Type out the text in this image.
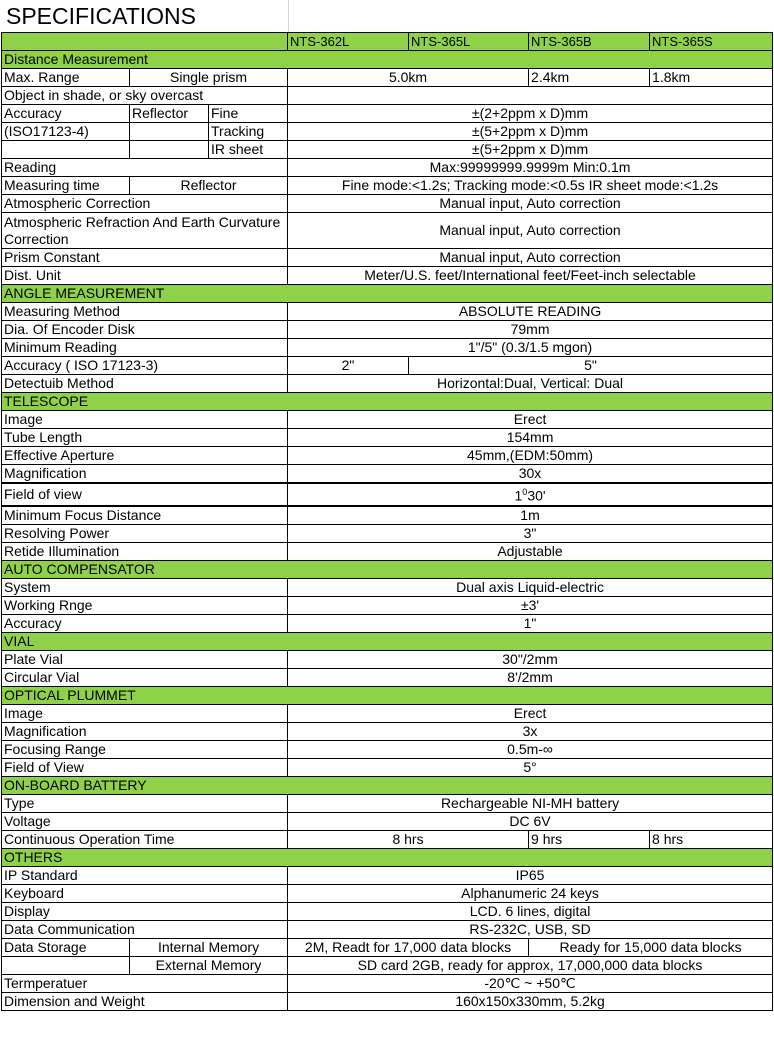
SPECIFICATIONS
			NTS-362L	NTS-365L	NTS-365B	NTS-365S
Distance Measurement						
Max. Range	Single prism		5.0km		2.4km	1.8km
Object in shade, or sky overcast						
Accuracy	Reflector	Fine	±(2+2ppm x D)mm			
(ISO17123-4)		Tracking	±(5+2ppm x D)mm			
		IR sheet	±(5+2ppm x D)mm			
Reading			Max:99999999.9999m Min:0.1m			
Measuring time	Reflector		Fine mode:<1.2s; Tracking mode:<0.5s IR sheet mode:<1.2s			
Atmospheric Correction			Manual input, Auto correction			
Atmospheric Refraction And Earth Curvature Correction			Manual input, Auto correction			
Prism Constant			Manual input, Auto correction			
Dist. Unit			Meter/U.S. feet/International feet/Feet-inch selectable			
ANGLE MEASUREMENT						
Measuring Method			ABSOLUTE READING			
Dia. Of Encoder Disk			79mm			
Minimum Reading			1"/5" (0.3/1.5 mgon)			
Accuracy ( ISO 17123-3)			2"	5"		
Detectuib Method			Horizontal:Dual, Vertical: Dual			
TELESCOPE						
Image			Erect			
Tube Length			154mm			
Effective Aperture			45mm,(EDM:50mm)			
Magnification			30x			
Field of view			$1^030'$			
Minimum Focus Distance			1m			
Resolving Power			3"			
Retide Illumination			Adjustable			
AUTO COMPENSATOR						
System			Dual axis Liquid-electric			
Working Rnge			±3'			
Accuracy			1"			
VIAL						
Plate Vial			30"/2mm			
Circular Vial			8'/2mm			
OPTICAL PLUMMET						
Image			Erect			
Magnification			3x			
Focusing Range			0.5m-∞			
Field of View			5°			
ON-BOARD BATTERY						
Type			Rechargeable NI-MH battery			
Voltage			DC 6V			
Continuous Operation Time			8 hrs		9 hrs	8 hrs
OTHERS						
IP Standard			IP65			
Keyboard			Alphanumeric 24 keys			
Display			LCD. 6 lines, digital			
Data Communication			RS-232C, USB, SD			
Data Storage	Internal Memory		2M, Readt for 17,000 data blocks		Ready for 15,000 data blocks	
	External Memory		SD card 2GB, ready for approx, 17,000,000 data blocks			
Termperatuer			-20℃ ~ +50℃			
Dimension and Weight			160x150x330mm, 5.2kg			
